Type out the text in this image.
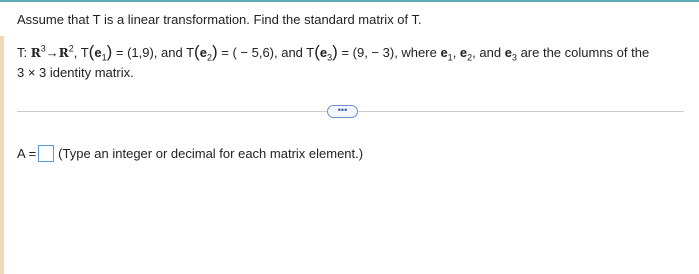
Assume that T is a linear transformation. Find the standard matrix of T.
T: $R^3\to R^2$, $T(e_1) = (1,9)$, and $T(e_2)$ = ( − 5,6), and $T(e_3) = (9$, − 3), where $e_1$, $e_2$, and $e_3$ are the columns of the
3 × 3 identity matrix.
•••
A = (Type an integer or decimal for each matrix element.)
